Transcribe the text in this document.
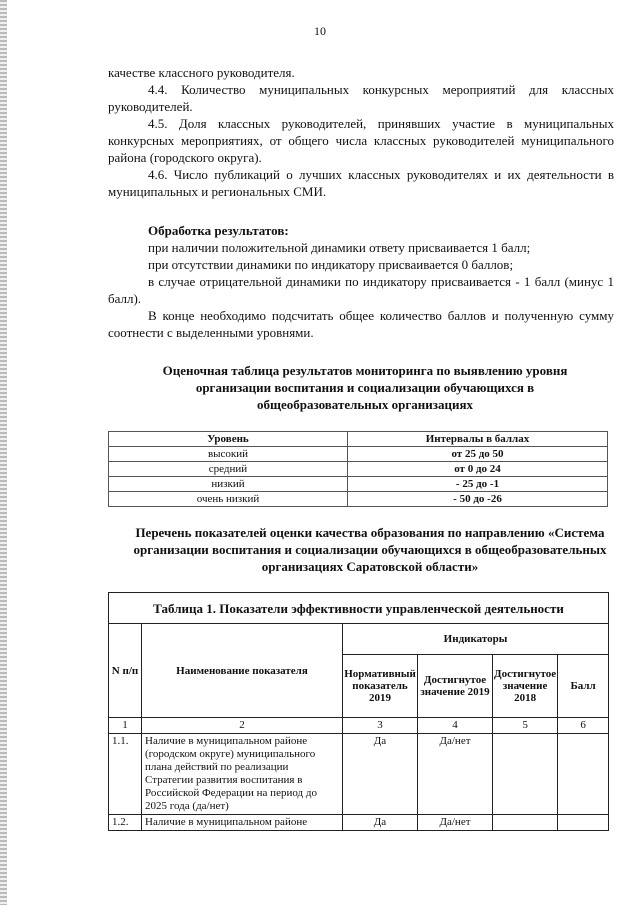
10

качестве классного руководителя.

4.4. Количество муниципальных конкурсных мероприятий для классных руководителей.

4.5. Доля классных руководителей, принявших участие в муниципальных конкурсных мероприятиях, от общего числа классных руководителей муниципального района (городского округа).

4.6. Число публикаций о лучших классных руководителях и их деятельности в муниципальных и региональных СМИ.

Обработка результатов:

при наличии положительной динамики ответу присваивается 1 балл;

при отсутствии динамики по индикатору присваивается 0 баллов;

в случае отрицательной динамики по индикатору присваивается - 1 балл (минус 1 балл).

В конце необходимо подсчитать общее количество баллов и полученную сумму соотнести с выделенными уровнями.

Оценочная таблица результатов мониторинга по выявлению уровня организации воспитания и социализации обучающихся в общеобразовательных организациях
Уровень	Интервалы в баллах
высокий	от 25 до 50
средний	от 0 до 24
низкий	- 25 до -1
очень низкий	- 50 до -26
Перечень показателей оценки качества образования по направлению «Система организации воспитания и социализации обучающихся в общеобразовательных организациях Саратовской области»
Таблица 1. Показатели эффективности управленческой деятельности					
N п/п	Наименование показателя	Индикаторы			
		Нормативный показатель 2019	Достигнутое значение 2019	Достигнутое значение 2018	Балл
1	2	3	4	5	6
1.1.	Наличие в муниципальном районе (городском округе) муниципального плана действий по реализации Стратегии развития воспитания в Российской Федерации на период до 2025 года (да/нет)	Да	Да/нет		
1.2.	Наличие в муниципальном районе	Да	Да/нет		
